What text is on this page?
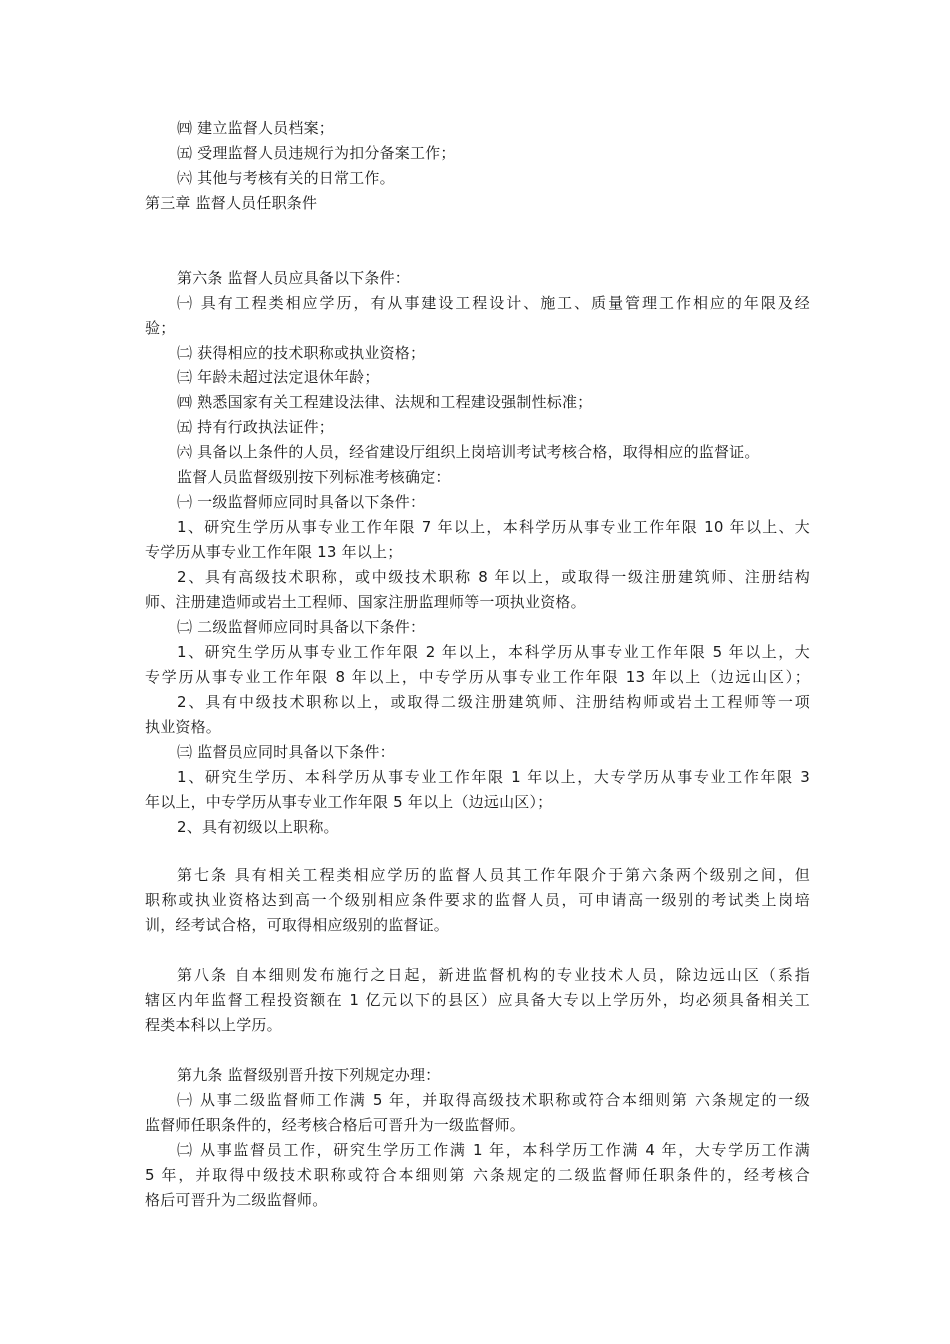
㈣ 建立监督人员档案；
㈤ 受理监督人员违规行为扣分备案工作；
㈥ 其他与考核有关的日常工作。
第三章 监督人员任职条件
第六条 监督人员应具备以下条件：
㈠ 具有工程类相应学历，有从事建设工程设计、施工、质量管理工作相应的年限及经
验；
㈡ 获得相应的技术职称或执业资格；
㈢ 年龄未超过法定退休年龄；
㈣ 熟悉国家有关工程建设法律、法规和工程建设强制性标准；
㈤ 持有行政执法证件；
㈥ 具备以上条件的人员，经省建设厅组织上岗培训考试考核合格，取得相应的监督证。
监督人员监督级别按下列标准考核确定：
㈠ 一级监督师应同时具备以下条件：
1、研究生学历从事专业工作年限 7 年以上，本科学历从事专业工作年限 10 年以上、大
专学历从事专业工作年限 13 年以上；
2、具有高级技术职称，或中级技术职称 8 年以上，或取得一级注册建筑师、注册结构
师、注册建造师或岩土工程师、国家注册监理师等一项执业资格。
㈡ 二级监督师应同时具备以下条件：
1、研究生学历从事专业工作年限 2 年以上，本科学历从事专业工作年限 5 年以上，大
专学历从事专业工作年限 8 年以上，中专学历从事专业工作年限 13 年以上（边远山区）；
2、具有中级技术职称以上，或取得二级注册建筑师、注册结构师或岩土工程师等一项
执业资格。
㈢ 监督员应同时具备以下条件：
1、研究生学历、本科学历从事专业工作年限 1 年以上，大专学历从事专业工作年限 3
年以上，中专学历从事专业工作年限 5 年以上（边远山区）；
2、具有初级以上职称。
第七条 具有相关工程类相应学历的监督人员其工作年限介于第六条两个级别之间，但
职称或执业资格达到高一个级别相应条件要求的监督人员，可申请高一级别的考试类上岗培
训，经考试合格，可取得相应级别的监督证。
第八条 自本细则发布施行之日起，新进监督机构的专业技术人员，除边远山区（系指
辖区内年监督工程投资额在 1 亿元以下的县区）应具备大专以上学历外，均必须具备相关工
程类本科以上学历。
第九条 监督级别晋升按下列规定办理：
㈠ 从事二级监督师工作满 5 年，并取得高级技术职称或符合本细则第 六条规定的一级
监督师任职条件的，经考核合格后可晋升为一级监督师。
㈡ 从事监督员工作，研究生学历工作满 1 年，本科学历工作满 4 年，大专学历工作满
5 年，并取得中级技术职称或符合本细则第 六条规定的二级监督师任职条件的，经考核合
格后可晋升为二级监督师。
